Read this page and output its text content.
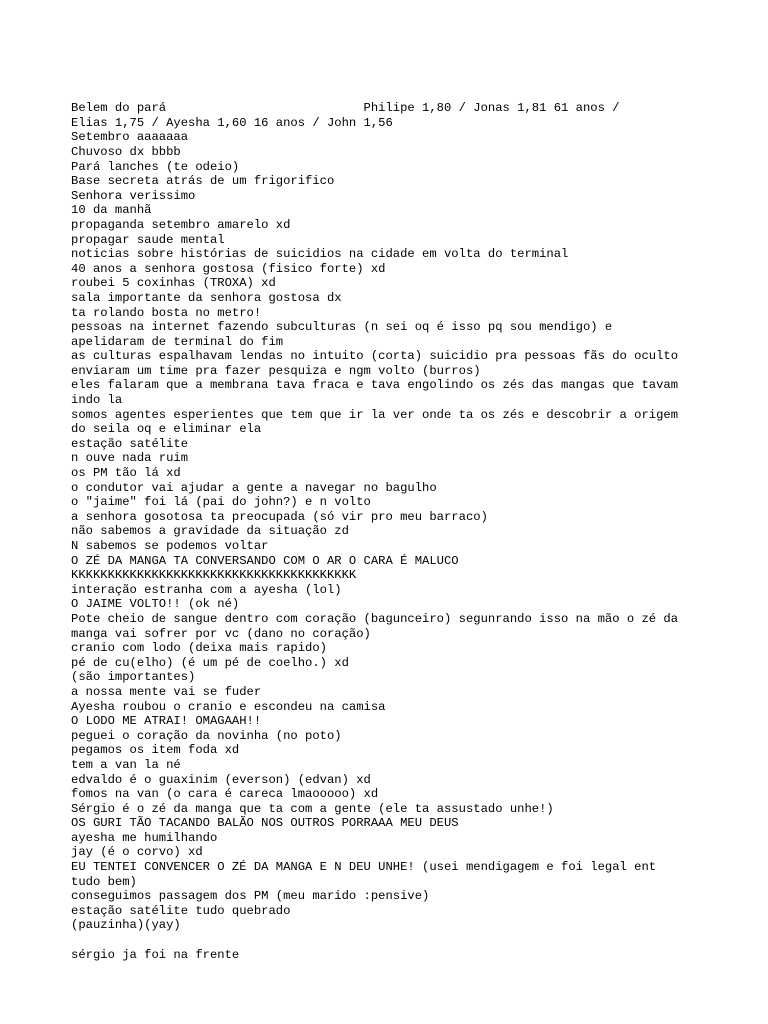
Belem do pará                           Philipe 1,80 / Jonas 1,81 61 anos /
Elias 1,75 / Ayesha 1,60 16 anos / John 1,56
Setembro aaaaaaa
Chuvoso dx bbbb
Pará lanches (te odeio)
Base secreta atrás de um frigorifico
Senhora verissimo
10 da manhã
propaganda setembro amarelo xd
propagar saude mental
noticias sobre histórias de suicidios na cidade em volta do terminal
40 anos a senhora gostosa (fisico forte) xd
roubei 5 coxinhas (TROXA) xd
sala importante da senhora gostosa dx
ta rolando bosta no metro!
pessoas na internet fazendo subculturas (n sei oq é isso pq sou mendigo) e
apelidaram de terminal do fim
as culturas espalhavam lendas no intuito (corta) suicidio pra pessoas fãs do oculto
enviaram um time pra fazer pesquiza e ngm volto (burros)
eles falaram que a membrana tava fraca e tava engolindo os zés das mangas que tavam
indo la
somos agentes esperientes que tem que ir la ver onde ta os zés e descobrir a origem
do seila oq e eliminar ela
estação satélite
n ouve nada ruim
os PM tão lá xd
o condutor vai ajudar a gente a navegar no bagulho
o "jaime" foi lá (pai do john?) e n volto
a senhora gosotosa ta preocupada (só vir pro meu barraco)
não sabemos a gravidade da situação zd
N sabemos se podemos voltar
O ZÉ DA MANGA TA CONVERSANDO COM O AR O CARA É MALUCO
KKKKKKKKKKKKKKKKKKKKKKKKKKKKKKKKKKKKKKK
interação estranha com a ayesha (lol)
O JAIME VOLTO!! (ok né)
Pote cheio de sangue dentro com coração (bagunceiro) segunrando isso na mão o zé da
manga vai sofrer por vc (dano no coração)
cranio com lodo (deixa mais rapido)
pé de cu(elho) (é um pé de coelho.) xd
(são importantes)
a nossa mente vai se fuder
Ayesha roubou o cranio e escondeu na camisa
O LODO ME ATRAI! OMAGAAH!!
peguei o coração da novinha (no poto)
pegamos os item foda xd
tem a van la né
edvaldo é o guaxinim (everson) (edvan) xd
fomos na van (o cara é careca lmaooooo) xd
Sérgio é o zé da manga que ta com a gente (ele ta assustado unhe!)
OS GURI TÃO TACANDO BALÃO NOS OUTROS PORRAAA MEU DEUS
ayesha me humilhando
jay (é o corvo) xd
EU TENTEI CONVENCER O ZÉ DA MANGA E N DEU UNHE! (usei mendigagem e foi legal ent
tudo bem)
conseguimos passagem dos PM (meu marido :pensive)
estação satélite tudo quebrado
(pauzinha)(yay)
sérgio ja foi na frente
